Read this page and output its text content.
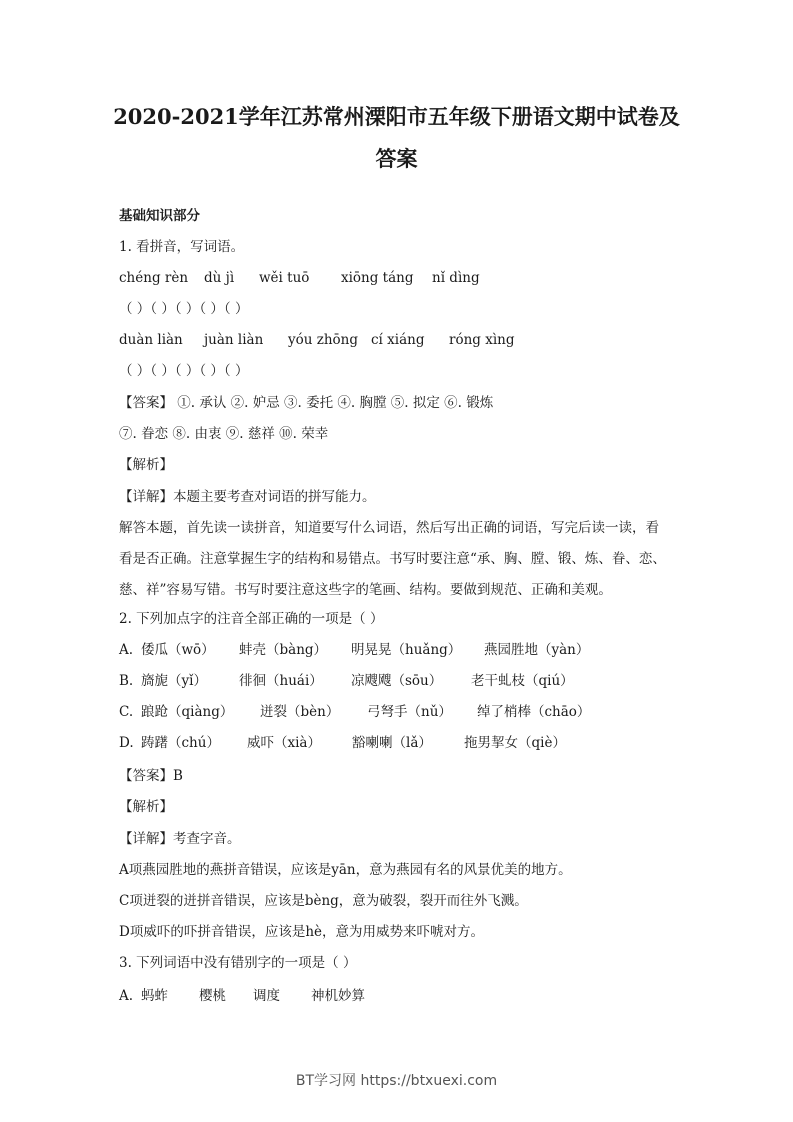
2020-2021学年江苏常州溧阳市五年级下册语文期中试卷及
答案
基础知识部分
1. 看拼音，写词语。
chéng rèn dù jì wěi tuō xiōng táng nǐ dìng
（ ）（ ）（ ）（ ）（ ）
duàn liàn juàn liàn yóu zhōng cí xiáng róng xìng
（ ）（ ）（ ）（ ）（ ）
【答案】 ①. 承认 ②. 妒忌 ③. 委托 ④. 胸膛 ⑤. 拟定 ⑥. 锻炼
⑦. 眷恋 ⑧. 由衷 ⑨. 慈祥 ⑩. 荣幸
【解析】
【详解】本题主要考查对词语的拼写能力。
解答本题，首先读一读拼音，知道要写什么词语，然后写出正确的词语，写完后读一读，看
看是否正确。注意掌握生字的结构和易错点。书写时要注意“承、胸、膛、锻、炼、眷、恋、
慈、祥”容易写错。书写时要注意这些字的笔画、结构。要做到规范、正确和美观。
2. 下列加点字的注音全部正确的一项是（ ）
A. 倭瓜（wō） 蚌壳（bàng） 明晃晃（huǎng） 燕园胜地（yàn）
B. 旖旎（yǐ） 徘徊（huái） 凉飕飕（sōu） 老干虬枝（qiú）
C. 踉跄（qiàng） 迸裂（bèn） 弓弩手（nǔ） 绰了梢棒（chāo）
D. 踌躇（chú） 威吓（xià） 豁喇喇（lǎ） 拖男挈女（qiè）
【答案】B
【解析】
【详解】考查字音。
A项燕园胜地的燕拼音错误，应该是yān，意为燕园有名的风景优美的地方。
C项迸裂的迸拼音错误，应该是bèng，意为破裂，裂开而往外飞溅。
D项威吓的吓拼音错误，应该是hè，意为用威势来吓唬对方。
3. 下列词语中没有错别字的一项是（ ）
A. 蚂蚱 樱桃 调度 神机妙算
BT学习网 https://btxuexi.com
